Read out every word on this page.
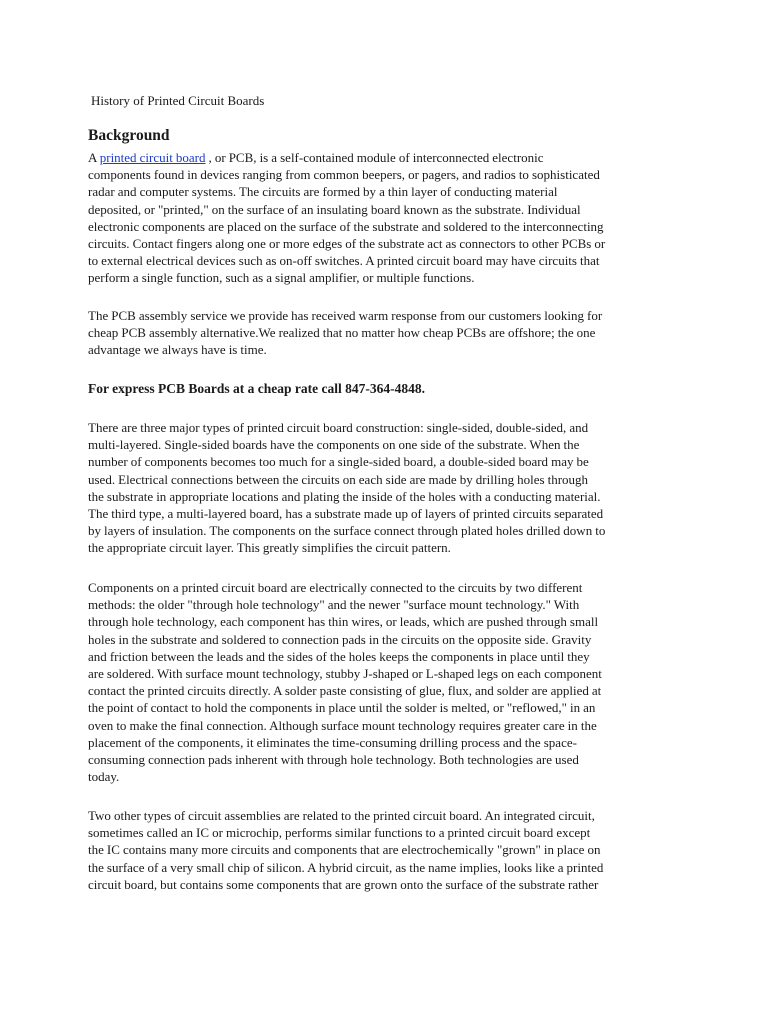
History of Printed Circuit Boards
Background
A printed circuit board , or PCB, is a self-contained module of interconnected electronic
components found in devices ranging from common beepers, or pagers, and radios to sophisticated
radar and computer systems. The circuits are formed by a thin layer of conducting material
deposited, or "printed," on the surface of an insulating board known as the substrate. Individual
electronic components are placed on the surface of the substrate and soldered to the interconnecting
circuits. Contact fingers along one or more edges of the substrate act as connectors to other PCBs or
to external electrical devices such as on-off switches. A printed circuit board may have circuits that
perform a single function, such as a signal amplifier, or multiple functions.
The PCB assembly service we provide has received warm response from our customers looking for
cheap PCB assembly alternative.We realized that no matter how cheap PCBs are offshore; the one
advantage we always have is time.
For express PCB Boards at a cheap rate call 847-364-4848.
There are three major types of printed circuit board construction: single-sided, double-sided, and
multi-layered. Single-sided boards have the components on one side of the substrate. When the
number of components becomes too much for a single-sided board, a double-sided board may be
used. Electrical connections between the circuits on each side are made by drilling holes through
the substrate in appropriate locations and plating the inside of the holes with a conducting material.
The third type, a multi-layered board, has a substrate made up of layers of printed circuits separated
by layers of insulation. The components on the surface connect through plated holes drilled down to
the appropriate circuit layer. This greatly simplifies the circuit pattern.
Components on a printed circuit board are electrically connected to the circuits by two different
methods: the older "through hole technology" and the newer "surface mount technology." With
through hole technology, each component has thin wires, or leads, which are pushed through small
holes in the substrate and soldered to connection pads in the circuits on the opposite side. Gravity
and friction between the leads and the sides of the holes keeps the components in place until they
are soldered. With surface mount technology, stubby J-shaped or L-shaped legs on each component
contact the printed circuits directly. A solder paste consisting of glue, flux, and solder are applied at
the point of contact to hold the components in place until the solder is melted, or "reflowed," in an
oven to make the final connection. Although surface mount technology requires greater care in the
placement of the components, it eliminates the time-consuming drilling process and the space-
consuming connection pads inherent with through hole technology. Both technologies are used
today.
Two other types of circuit assemblies are related to the printed circuit board. An integrated circuit,
sometimes called an IC or microchip, performs similar functions to a printed circuit board except
the IC contains many more circuits and components that are electrochemically "grown" in place on
the surface of a very small chip of silicon. A hybrid circuit, as the name implies, looks like a printed
circuit board, but contains some components that are grown onto the surface of the substrate rather
